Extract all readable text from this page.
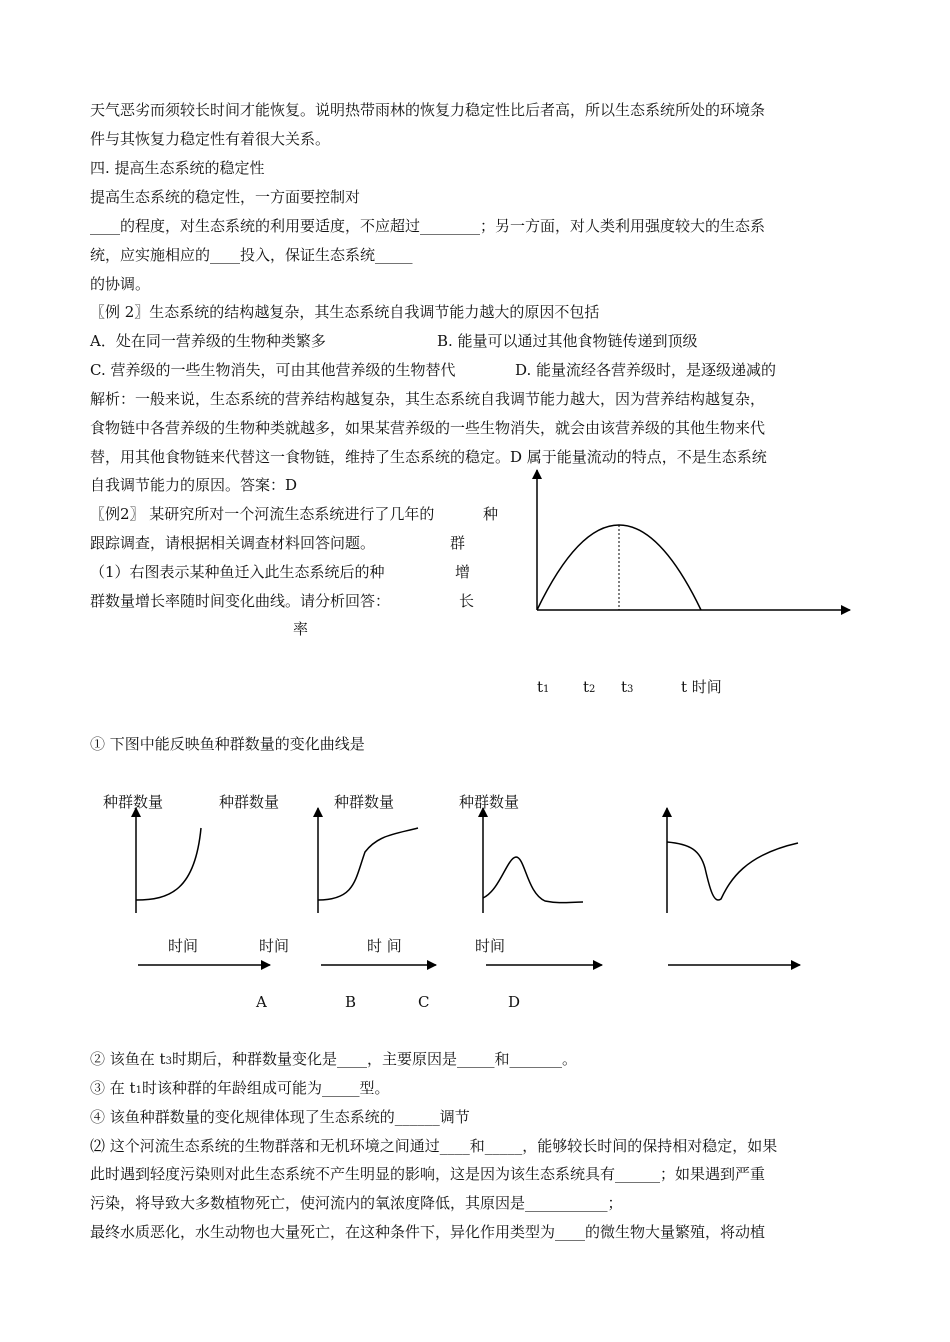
天气恶劣而须较长时间才能恢复。说明热带雨林的恢复力稳定性比后者高，所以生态系统所处的环境条
件与其恢复力稳定性有着很大关系。
四. 提高生态系统的稳定性
提高生态系统的稳定性，一方面要控制对
____的程度，对生态系统的利用要适度，不应超过________；另一方面，对人类利用强度较大的生态系
统，应实施相应的____投入，保证生态系统_____
的协调。
〖例 2〗生态系统的结构越复杂，其生态系统自我调节能力越大的原因不包括
A．处在同一营养级的生物种类繁多	B. 能量可以通过其他食物链传递到顶级
C. 营养级的一些生物消失，可由其他营养级的生物替代	D. 能量流经各营养级时，是逐级递减的
解析：一般来说，生态系统的营养结构越复杂，其生态系统自我调节能力越大，因为营养结构越复杂，
食物链中各营养级的生物种类就越多，如果某营养级的一些生物消失，就会由该营养级的其他生物来代
替，用其他食物链来代替这一食物链，维持了生态系统的稳定。D 属于能量流动的特点，不是生态系统
自我调节能力的原因。答案：D
〖例2〗 某研究所对一个河流生态系统进行了几年的
跟踪调查，请根据相关调查材料回答问题。
（1）右图表示某种鱼迁入此生态系统后的种
群数量增长率随时间变化曲线。请分析回答：
种
群
增
长
率
t1 t2 t3	t 时间
① 下图中能反映鱼种群数量的变化曲线是
种群数量	种群数量	种群数量	种群数量
时间	时间	时 间	时间
A	B	C	D
② 该鱼在 t3时期后，种群数量变化是____，主要原因是_____和_______。
③ 在 t1时该种群的年龄组成可能为_____型。
④ 该鱼种群数量的变化规律体现了生态系统的______调节
⑵ 这个河流生态系统的生物群落和无机环境之间通过____和_____，能够较长时间的保持相对稳定，如果
此时遇到轻度污染则对此生态系统不产生明显的影响，这是因为该生态系统具有______；如果遇到严重
污染，将导致大多数植物死亡，使河流内的氧浓度降低，其原因是___________；
最终水质恶化，水生动物也大量死亡，在这种条件下，异化作用类型为____的微生物大量繁殖，将动植
